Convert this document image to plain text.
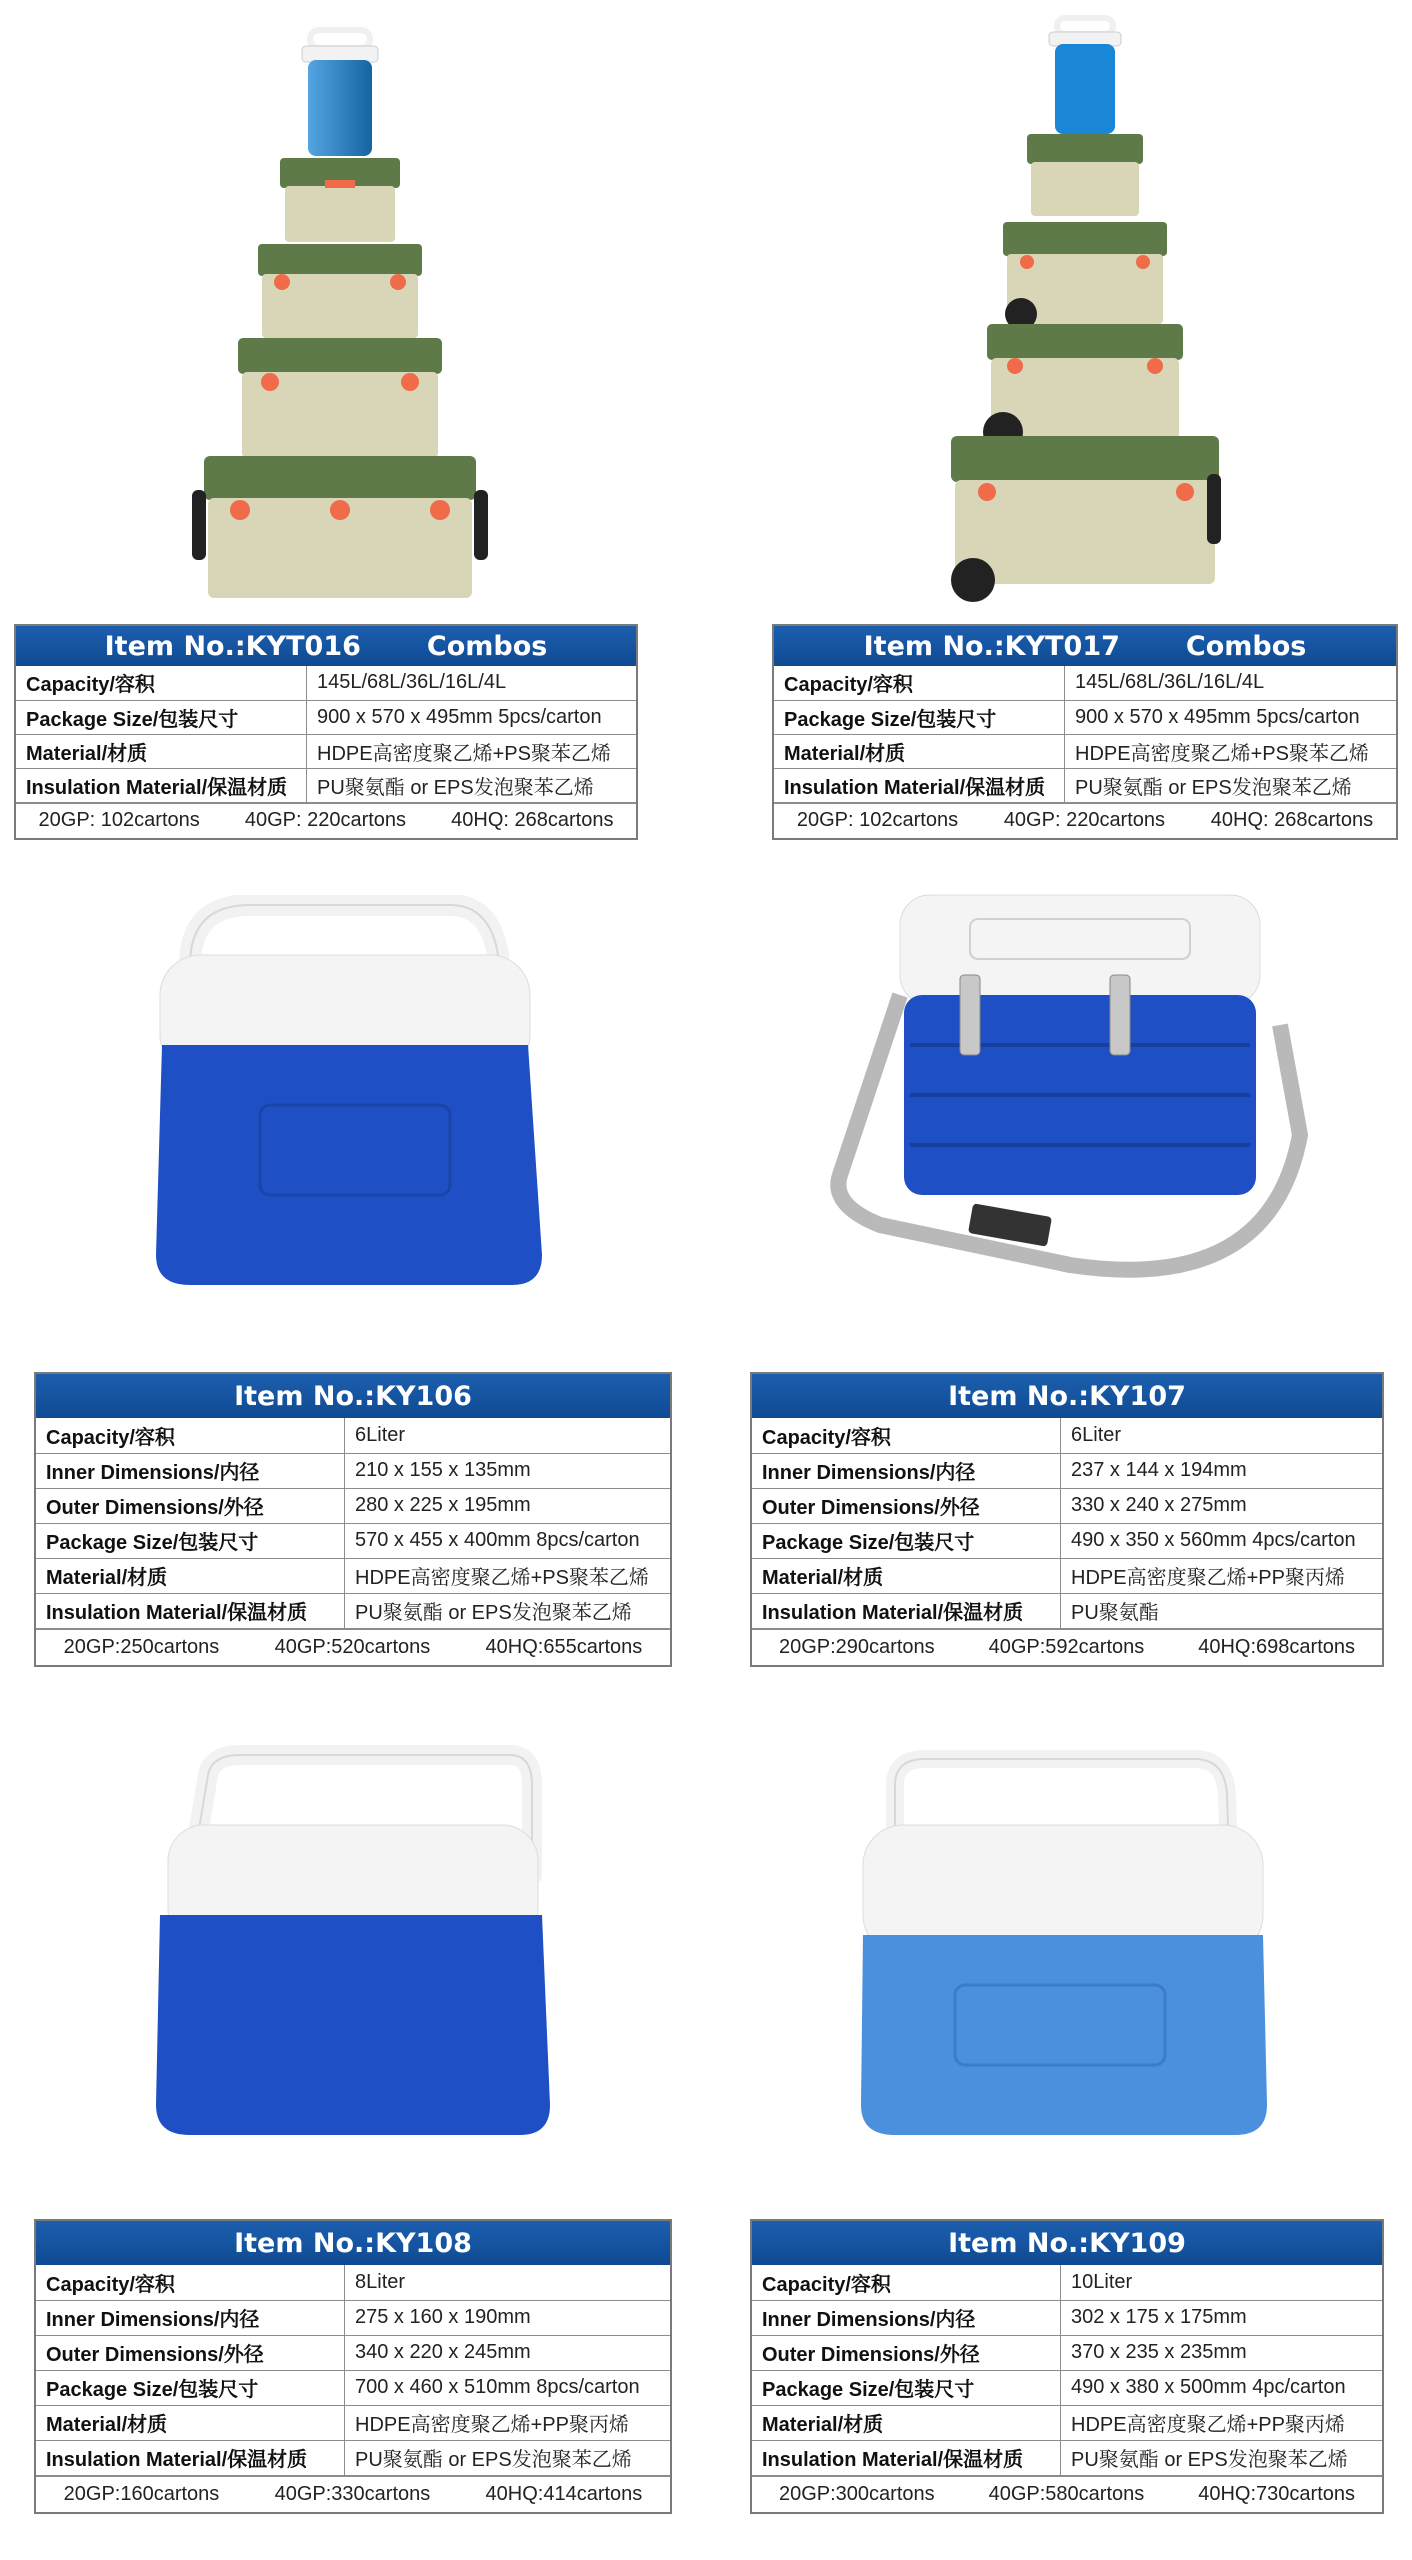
Item No.:KYT016 Combos
Capacity/容积	145L/68L/36L/16L/4L
Package Size/包装尺寸	900 x 570 x 495mm 5pcs/carton
Material/材质	HDPE高密度聚乙烯+PS聚苯乙烯
Insulation Material/保温材质	PU聚氨酯 or EPS发泡聚苯乙烯
20GP: 102cartons 40GP: 220cartons 40HQ: 268cartons
Item No.:KYT017 Combos
Capacity/容积	145L/68L/36L/16L/4L
Package Size/包装尺寸	900 x 570 x 495mm 5pcs/carton
Material/材质	HDPE高密度聚乙烯+PS聚苯乙烯
Insulation Material/保温材质	PU聚氨酯 or EPS发泡聚苯乙烯
20GP: 102cartons 40GP: 220cartons 40HQ: 268cartons
Item No.:KY106
Capacity/容积	6Liter
Inner Dimensions/内径	210 x 155 x 135mm
Outer Dimensions/外径	280 x 225 x 195mm
Package Size/包装尺寸	570 x 455 x 400mm 8pcs/carton
Material/材质	HDPE高密度聚乙烯+PS聚苯乙烯
Insulation Material/保温材质	PU聚氨酯 or EPS发泡聚苯乙烯
20GP:250cartons	40GP:520cartons	40HQ:655cartons
Item No.:KY107
Capacity/容积	6Liter
Inner Dimensions/内径	237 x 144 x 194mm
Outer Dimensions/外径	330 x 240 x 275mm
Package Size/包装尺寸	490 x 350 x 560mm 4pcs/carton
Material/材质	HDPE高密度聚乙烯+PP聚丙烯
Insulation Material/保温材质	PU聚氨酯
20GP:290cartons	40GP:592cartons	40HQ:698cartons
Item No.:KY108
Capacity/容积	8Liter
Inner Dimensions/内径	275 x 160 x 190mm
Outer Dimensions/外径	340 x 220 x 245mm
Package Size/包装尺寸	700 x 460 x 510mm 8pcs/carton
Material/材质	HDPE高密度聚乙烯+PP聚丙烯
Insulation Material/保温材质	PU聚氨酯 or EPS发泡聚苯乙烯
20GP:160cartons	40GP:330cartons	40HQ:414cartons
Item No.:KY109
Capacity/容积	10Liter
Inner Dimensions/内径	302 x 175 x 175mm
Outer Dimensions/外径	370 x 235 x 235mm
Package Size/包装尺寸	490 x 380 x 500mm 4pc/carton
Material/材质	HDPE高密度聚乙烯+PP聚丙烯
Insulation Material/保温材质	PU聚氨酯 or EPS发泡聚苯乙烯
20GP:300cartons	40GP:580cartons	40HQ:730cartons
